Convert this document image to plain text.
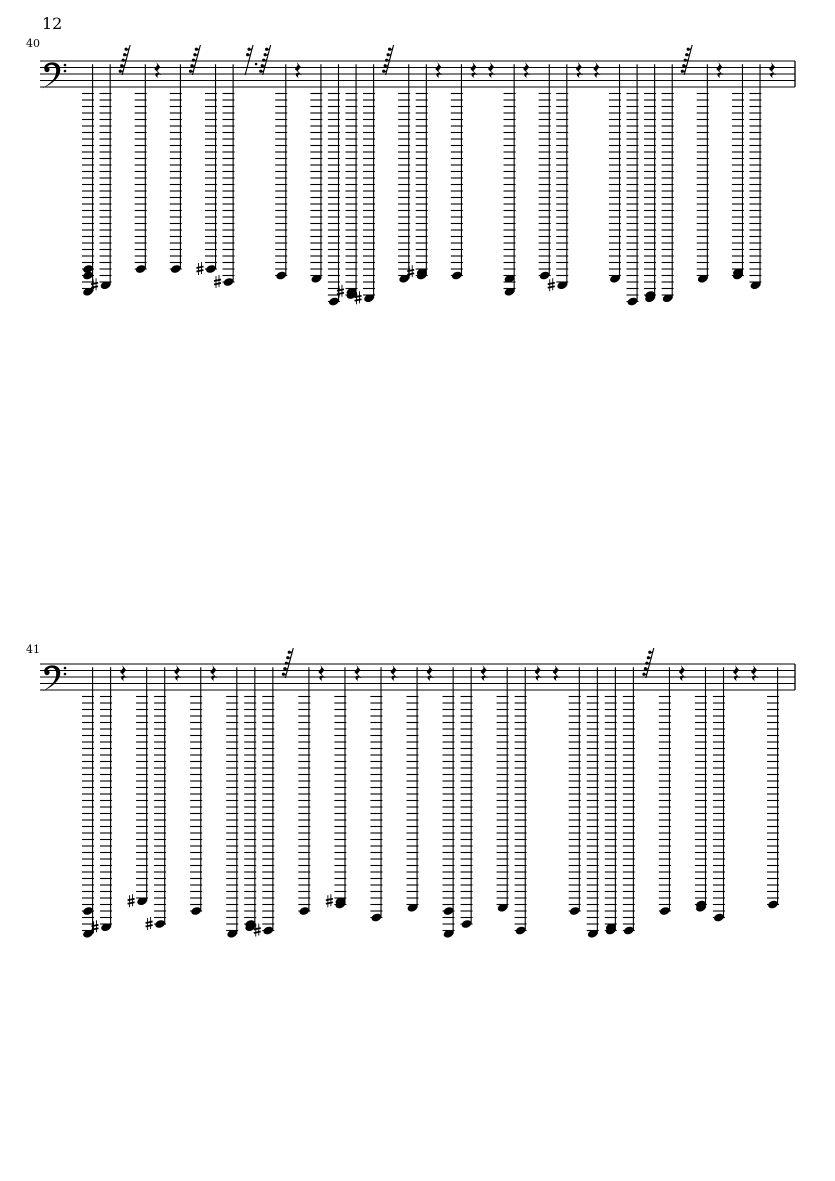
12
40
41
